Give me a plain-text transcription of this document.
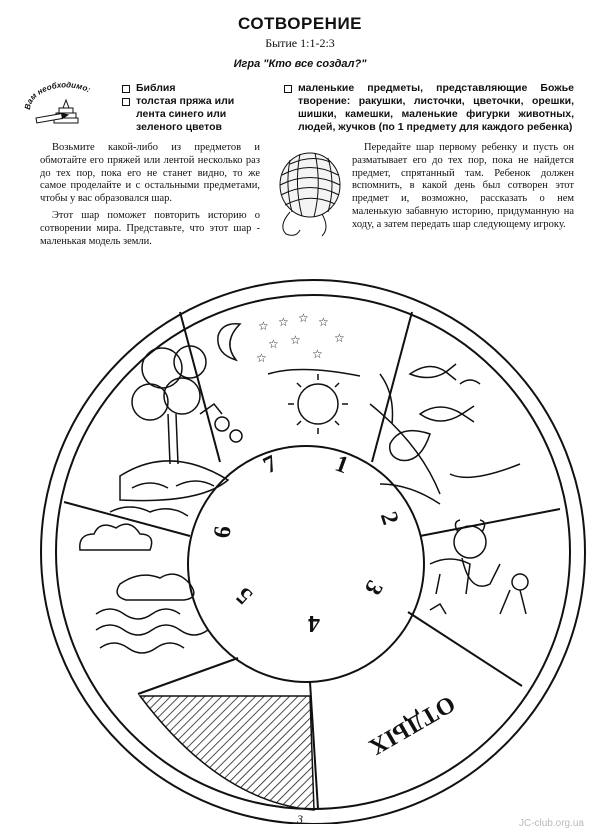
СОТВОРЕНИЕ
Бытие 1:1-2:3
Игра "Кто все создал?"
Вам необходимо:	Библия
толстая пряжа или лента синего или зеленого цветов
маленькие предметы, представляющие Божье творение: ракушки, листочки, цветочки, орешки, шишки, камешки, маленькие фигурки животных, людей, жучков (по 1 предмету для каждого ребенка)

Возьмите какой-либо из предметов и обмотайте его пряжей или лентой несколько раз до тех пор, пока его не станет видно, то же самое проделайте и с остальными предметами, чтобы у вас образовался шар.

Этот шар поможет повторить историю о сотворении мира. Представьте, что этот шар - маленькая модель земли.

Передайте шар первому ребенку и пусть он разматывает его до тех пор, пока не найдется предмет, спрятанный там. Ребенок должен вспомнить, в какой день был сотворен этот предмет и, возможно, рассказать о нем маленькую забавную историю, придуманную на ходу, а затем передать шар следующему игроку.

☆ ☆ ☆ ☆
☆ ☆	☆
☆	☆
1
2
3
4
5
6
7
ОТДЫХ
3	JC-club.org.ua
